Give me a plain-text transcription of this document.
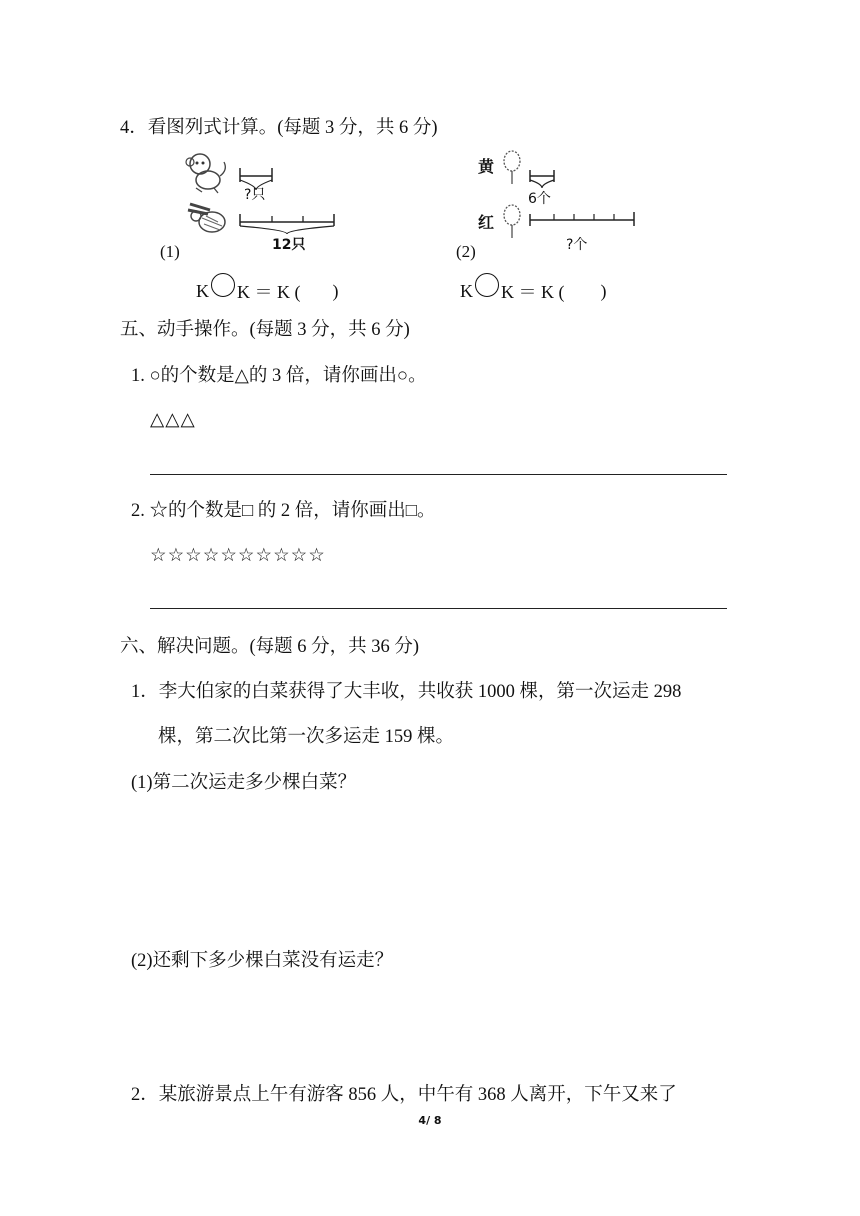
4．看图列式计算。(每题 3 分，共 6 分)
?只
12只
(1)
K K ＝ K ( )
黄
红
6个
?个
(2)
K K ＝ K ( )
五、动手操作。(每题 3 分，共 6 分)
1. ○的个数是△的 3 倍，请你画出○。
△△△
2. ☆的个数是□ 的 2 倍，请你画出□。
☆☆☆☆☆☆☆☆☆☆
六、解决问题。(每题 6 分，共 36 分)
1．李大伯家的白菜获得了大丰收，共收获 1000 棵，第一次运走 298
棵，第二次比第一次多运走 159 棵。
(1)第二次运走多少棵白菜？
(2)还剩下多少棵白菜没有运走？
2．某旅游景点上午有游客 856 人，中午有 368 人离开，下午又来了
4/ 8
